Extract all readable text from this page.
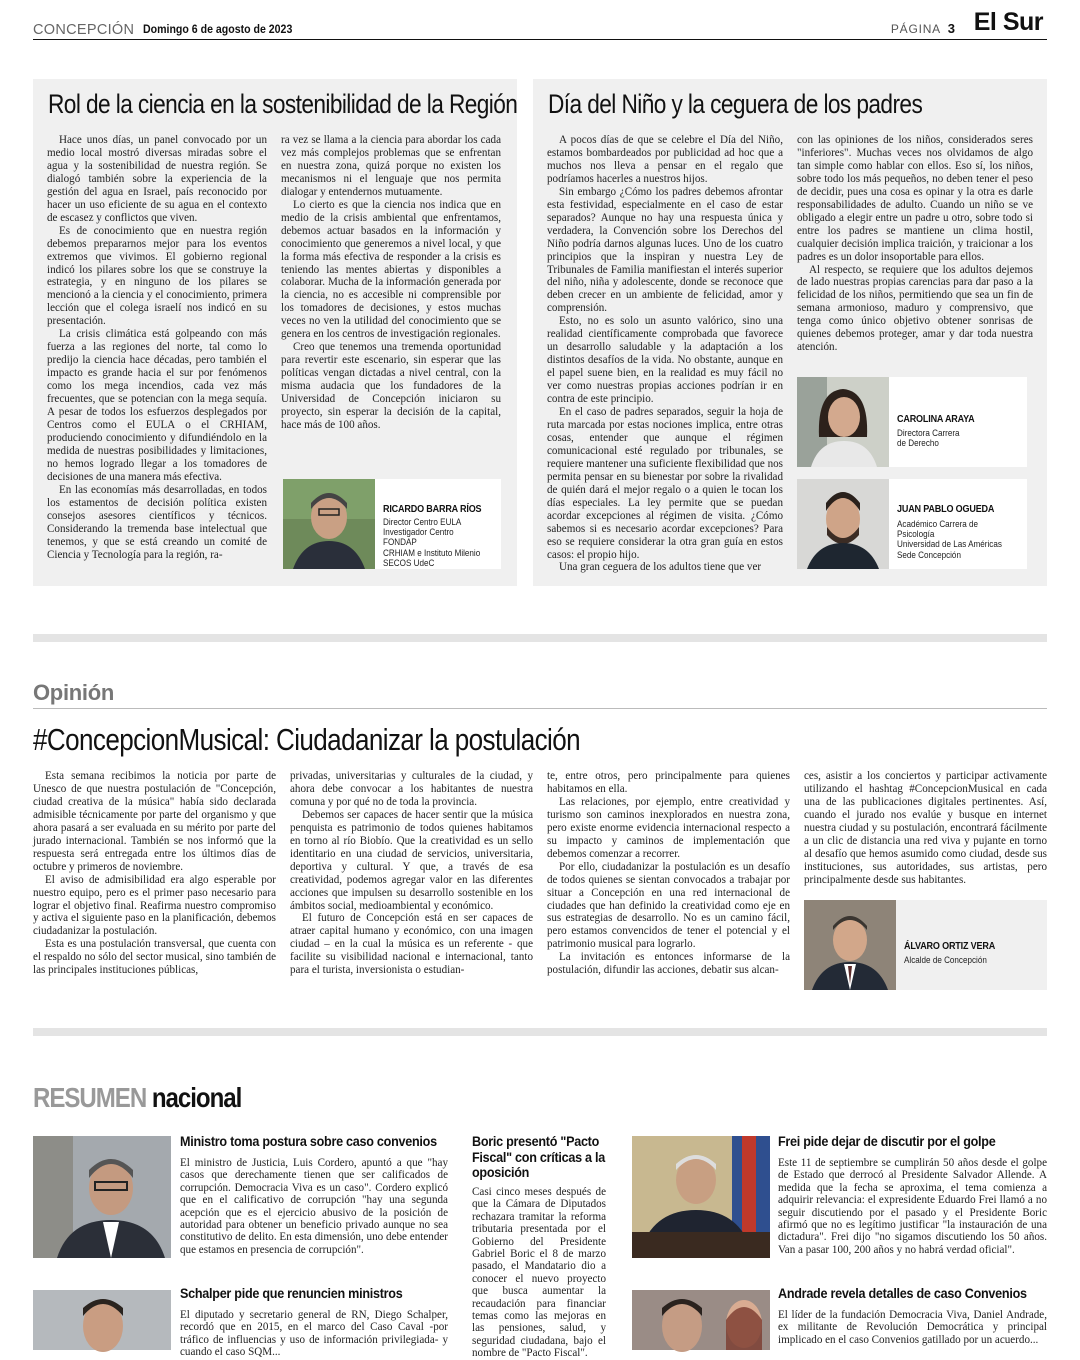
CONCEPCIÓN Domingo 6 de agosto de 2023	PÁGINA 3 El Sur
Rol de la ciencia en la sostenibilidad de la Región

Hace unos días, un panel convocado por un medio local mostró diversas miradas sobre el agua y la sostenibilidad de nuestra región. Se dialogó también sobre la experiencia de la gestión del agua en Israel, país reconocido por hacer un uso eficiente de su agua en el contexto de escasez y conflictos que viven.

Es de conocimiento que en nuestra región debemos prepararnos mejor para los eventos extremos que vivimos. El gobierno regional indicó los pilares sobre los que se construye la estrategia, y en ninguno de los pilares se mencionó a la ciencia y el conocimiento, primera lección que el colega israelí nos indicó en su presentación.

La crisis climática está golpeando con más fuerza a las regiones del norte, tal como lo predijo la ciencia hace décadas, pero también el impacto es grande hacia el sur por fenómenos como los mega incendios, cada vez más frecuentes, que se potencian con la mega sequía. A pesar de todos los esfuerzos desplegados por Centros como el EULA o el CRHIAM, produciendo conocimiento y difundiéndolo en la medida de nuestras posibilidades y limitaciones, no hemos logrado llegar a los tomadores de decisiones de una manera más efectiva.

En las economías más desarrolladas, en todos los estamentos de decisión política existen consejos asesores científicos y técnicos. Considerando la tremenda base intelectual que tenemos, y que se está creando un comité de Ciencia y Tecnología para la región, ra-

ra vez se llama a la ciencia para abordar los cada vez más complejos problemas que se enfrentan en nuestra zona, quizá porque no existen los mecanismos ni el lenguaje que nos permita dialogar y entendernos mutuamente.

Lo cierto es que la ciencia nos indica que en medio de la crisis ambiental que enfrentamos, debemos actuar basados en la información y conocimiento que generemos a nivel local, y que la forma más efectiva de responder a la crisis es teniendo las mentes abiertas y disponibles a colaborar. Mucha de la información generada por la ciencia, no es accesible ni comprensible por los tomadores de decisiones, y estos muchas veces no ven la utilidad del conocimiento que se genera en los centros de investigación regionales.

Creo que tenemos una tremenda oportunidad para revertir este escenario, sin esperar que las políticas vengan dictadas a nivel central, con la misma audacia que los fundadores de la Universidad de Concepción iniciaron su proyecto, sin esperar la decisión de la capital, hace más de 100 años.

RICARDO BARRA RÍOS
Director Centro EULA
Investigador Centro FONDAP
CRHIAM e Instituto Milenio
SECOS UdeC
Día del Niño y la ceguera de los padres

A pocos días de que se celebre el Día del Niño, estamos bombardeados por publicidad ad hoc que a muchos nos lleva a pensar en el regalo que podríamos hacerles a nuestros hijos.

Sin embargo ¿Cómo los padres debemos afrontar esta festividad, especialmente en el caso de estar separados? Aunque no hay una respuesta única y verdadera, la Convención sobre los Derechos del Niño podría darnos algunas luces. Uno de los cuatro principios que la inspiran y nuestra Ley de Tribunales de Familia manifiestan el interés superior del niño, niña y adolescente, donde se reconoce que deben crecer en un ambiente de felicidad, amor y comprensión.

Esto, no es solo un asunto valórico, sino una realidad científicamente comprobada que favorece un desarrollo saludable y la adaptación a los distintos desafíos de la vida. No obstante, aunque en el papel suene bien, en la realidad es muy fácil no ver como nuestras propias acciones podrían ir en contra de este principio.

En el caso de padres separados, seguir la hoja de ruta marcada por estas nociones implica, entre otras cosas, entender que aunque el régimen comunicacional esté regulado por tribunales, se requiere mantener una suficiente flexibilidad que nos permita pensar en su bienestar por sobre la rivalidad de quién dará el mejor regalo o a quien le tocan los días especiales. La ley permite que se puedan acordar excepciones al régimen de visita. ¿Cómo sabemos si es necesario acordar excepciones? Para eso se requiere considerar la otra gran guía en estos casos: el propio hijo.

Una gran ceguera de los adultos tiene que ver

con las opiniones de los niños, considerados seres "inferiores". Muchas veces nos olvidamos de algo tan simple como hablar con ellos. Eso sí, los niños, sobre todo los más pequeños, no deben tener el peso de decidir, pues una cosa es opinar y la otra es darle responsabilidades de adulto. Cuando un niño se ve obligado a elegir entre un padre u otro, sobre todo si entre los padres se mantiene un clima hostil, cualquier decisión implica traición, y traicionar a los padres es un dolor insoportable para ellos.

Al respecto, se requiere que los adultos dejemos de lado nuestras propias carencias para dar paso a la felicidad de los niños, permitiendo que sea un fin de semana armonioso, maduro y comprensivo, que tenga como único objetivo obtener sonrisas de quienes debemos proteger, amar y dar toda nuestra atención.

CAROLINA ARAYA
Directora Carrera
de Derecho
JUAN PABLO OGUEDA
Académico Carrera de
Psicología
Universidad de Las Américas
Sede Concepción
Opinión
#ConcepcionMusical: Ciudadanizar la postulación

Esta semana recibimos la noticia por parte de Unesco de que nuestra postulación de "Concepción, ciudad creativa de la música" había sido declarada admisible técnicamente por parte del organismo y que ahora pasará a ser evaluada en su mérito por parte del jurado internacional. También se nos informó que la respuesta será entregada entre los últimos días de octubre y primeros de noviembre.

El aviso de admisibilidad era algo esperable por nuestro equipo, pero es el primer paso necesario para lograr el objetivo final. Reafirma nuestro compromiso y activa el siguiente paso en la planificación, debemos ciudadanizar la postulación.

Esta es una postulación transversal, que cuenta con el respaldo no sólo del sector musical, sino también de las principales instituciones públicas,

privadas, universitarias y culturales de la ciudad, y ahora debe convocar a los habitantes de nuestra comuna y por qué no de toda la provincia.

Debemos ser capaces de hacer sentir que la música penquista es patrimonio de todos quienes habitamos en torno al río Biobío. Que la creatividad es un sello identitario en una ciudad de servicios, universitaria, deportiva y cultural. Y que, a través de esa creatividad, podemos agregar valor en las diferentes acciones que impulsen su desarrollo sostenible en los ámbitos social, medioambiental y económico.

El futuro de Concepción está en ser capaces de atraer capital humano y económico, con una imagen ciudad – en la cual la música es un referente - que facilite su visibilidad nacional e internacional, tanto para el turista, inversionista o estudian-

te, entre otros, pero principalmente para quienes habitamos en ella.

Las relaciones, por ejemplo, entre creatividad y turismo son caminos inexplorados en nuestra zona, pero existe enorme evidencia internacional respecto a su impacto y caminos de implementación que debemos comenzar a recorrer.

Por ello, ciudadanizar la postulación es un desafío de todos quienes se sientan convocados a trabajar por situar a Concepción en una red internacional de ciudades que han definido la creatividad como eje en sus estrategias de desarrollo. No es un camino fácil, pero estamos convencidos de tener el potencial y el patrimonio musical para lograrlo.

La invitación es entonces informarse de la postulación, difundir las acciones, debatir sus alcan-

ces, asistir a los conciertos y participar activamente utilizando el hashtag #ConcepcionMusical en cada una de las publicaciones digitales pertinentes. Así, cuando el jurado nos evalúe y busque en internet nuestra ciudad y su postulación, encontrará fácilmente a un clic de distancia una red viva y pujante en torno al desafío que hemos asumido como ciudad, desde sus instituciones, sus autoridades, sus artistas, pero principalmente desde sus habitantes.

ÁLVARO ORTIZ VERA
Alcalde de Concepción
RESUMEN nacional
Ministro toma postura sobre caso convenios
El ministro de Justicia, Luis Cordero, apuntó a que "hay casos que derechamente tienen que ser calificados de corrupción. Democracia Viva es un caso". Cordero explicó que en el calificativo de corrupción "hay una segunda acepción que es el ejercicio abusivo de la posición de autoridad para obtener un beneficio privado aunque no sea constitutivo de delito. En esta dimensión, uno debe entender que estamos en presencia de corrupción".
Boric presentó "Pacto Fiscal" con críticas a la oposición
Casi cinco meses después de que la Cámara de Diputados rechazara tramitar la reforma tributaria presentada por el Gobierno del Presidente Gabriel Boric el 8 de marzo pasado, el Mandatario dio a conocer el nuevo proyecto que busca aumentar la recaudación para financiar temas como las mejoras en las pensiones, salud, y seguridad ciudadana, bajo el nombre de "Pacto Fiscal".
Frei pide dejar de discutir por el golpe
Este 11 de septiembre se cumplirán 50 años desde el golpe de Estado que derrocó al Presidente Salvador Allende. A medida que la fecha se aproxima, el tema comienza a adquirir relevancia: el expresidente Eduardo Frei llamó a no seguir discutiendo por el pasado y el Presidente Boric afirmó que no es legítimo justificar "la instauración de una dictadura". Frei dijo "no sigamos discutiendo los 50 años. Van a pasar 100, 200 años y no habrá verdad oficial".
Schalper pide que renuncien ministros
El diputado y secretario general de RN, Diego Schalper, recordó que en 2015, en el marco del Caso Caval -por tráfico de influencias y uso de información privilegiada- y cuando el caso SQM...
Andrade revela detalles de caso Convenios
El líder de la fundación Democracia Viva, Daniel Andrade, ex militante de Revolución Democrática y principal implicado en el caso Convenios gatillado por un acuerdo...
